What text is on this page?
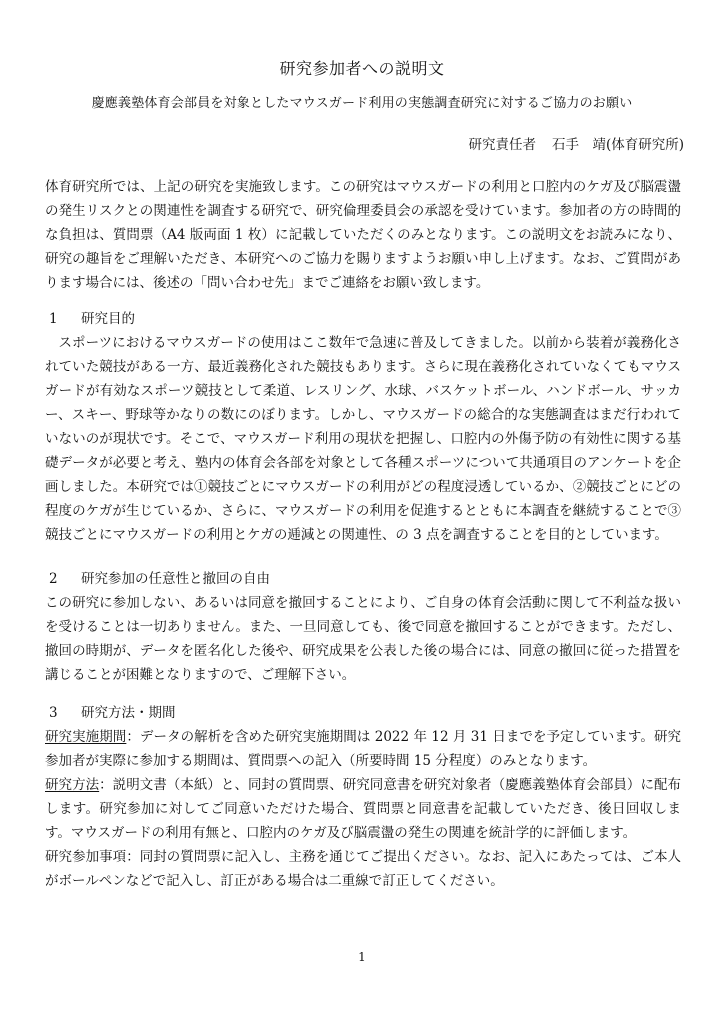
研究参加者への説明文
慶應義塾体育会部員を対象としたマウスガード利用の実態調査研究に対するご協力のお願い
研究責任者 石手　靖(体育研究所)

体育研究所では、上記の研究を実施致します。この研究はマウスガードの利用と口腔内のケガ及び脳震盪の発生リスクとの関連性を調査する研究で、研究倫理委員会の承認を受けています。参加者の方の時間的な負担は、質問票（A4 版両面 1 枚）に記載していただくのみとなります。この説明文をお読みになり、研究の趣旨をご理解いただき、本研究へのご協力を賜りますようお願い申し上げます。なお、ご質問があります場合には、後述の「問い合わせ先」までご連絡をお願い致します。

1 研究目的

スポーツにおけるマウスガードの使用はここ数年で急速に普及してきました。以前から装着が義務化されていた競技がある一方、最近義務化された競技もあります。さらに現在義務化されていなくてもマウスガードが有効なスポーツ競技として柔道、レスリング、水球、バスケットボール、ハンドボール、サッカー、スキー、野球等かなりの数にのぼります。しかし、マウスガードの総合的な実態調査はまだ行われていないのが現状です。そこで、マウスガード利用の現状を把握し、口腔内の外傷予防の有効性に関する基礎データが必要と考え、塾内の体育会各部を対象として各種スポーツについて共通項目のアンケートを企画しました。本研究では①競技ごとにマウスガードの利用がどの程度浸透しているか、②競技ごとにどの程度のケガが生じているか、さらに、マウスガードの利用を促進するとともに本調査を継続することで③競技ごとにマウスガードの利用とケガの逓減との関連性、の 3 点を調査することを目的としています。

2 研究参加の任意性と撤回の自由

この研究に参加しない、あるいは同意を撤回することにより、ご自身の体育会活動に関して不利益な扱いを受けることは一切ありません。また、一旦同意しても、後で同意を撤回することができます。ただし、撤回の時期が、データを匿名化した後や、研究成果を公表した後の場合には、同意の撤回に従った措置を講じることが困難となりますので、ご理解下さい。

3 研究方法・期間

研究実施期間：データの解析を含めた研究実施期間は 2022 年 12 月 31 日までを予定しています。研究参加者が実際に参加する期間は、質問票への記入（所要時間 15 分程度）のみとなります。

研究方法：説明文書（本紙）と、同封の質問票、研究同意書を研究対象者（慶應義塾体育会部員）に配布します。研究参加に対してご同意いただけた場合、質問票と同意書を記載していただき、後日回収します。マウスガードの利用有無と、口腔内のケガ及び脳震盪の発生の関連を統計学的に評価します。

研究参加事項：同封の質問票に記入し、主務を通じてご提出ください。なお、記入にあたっては、ご本人がボールペンなどで記入し、訂正がある場合は二重線で訂正してください。

1
